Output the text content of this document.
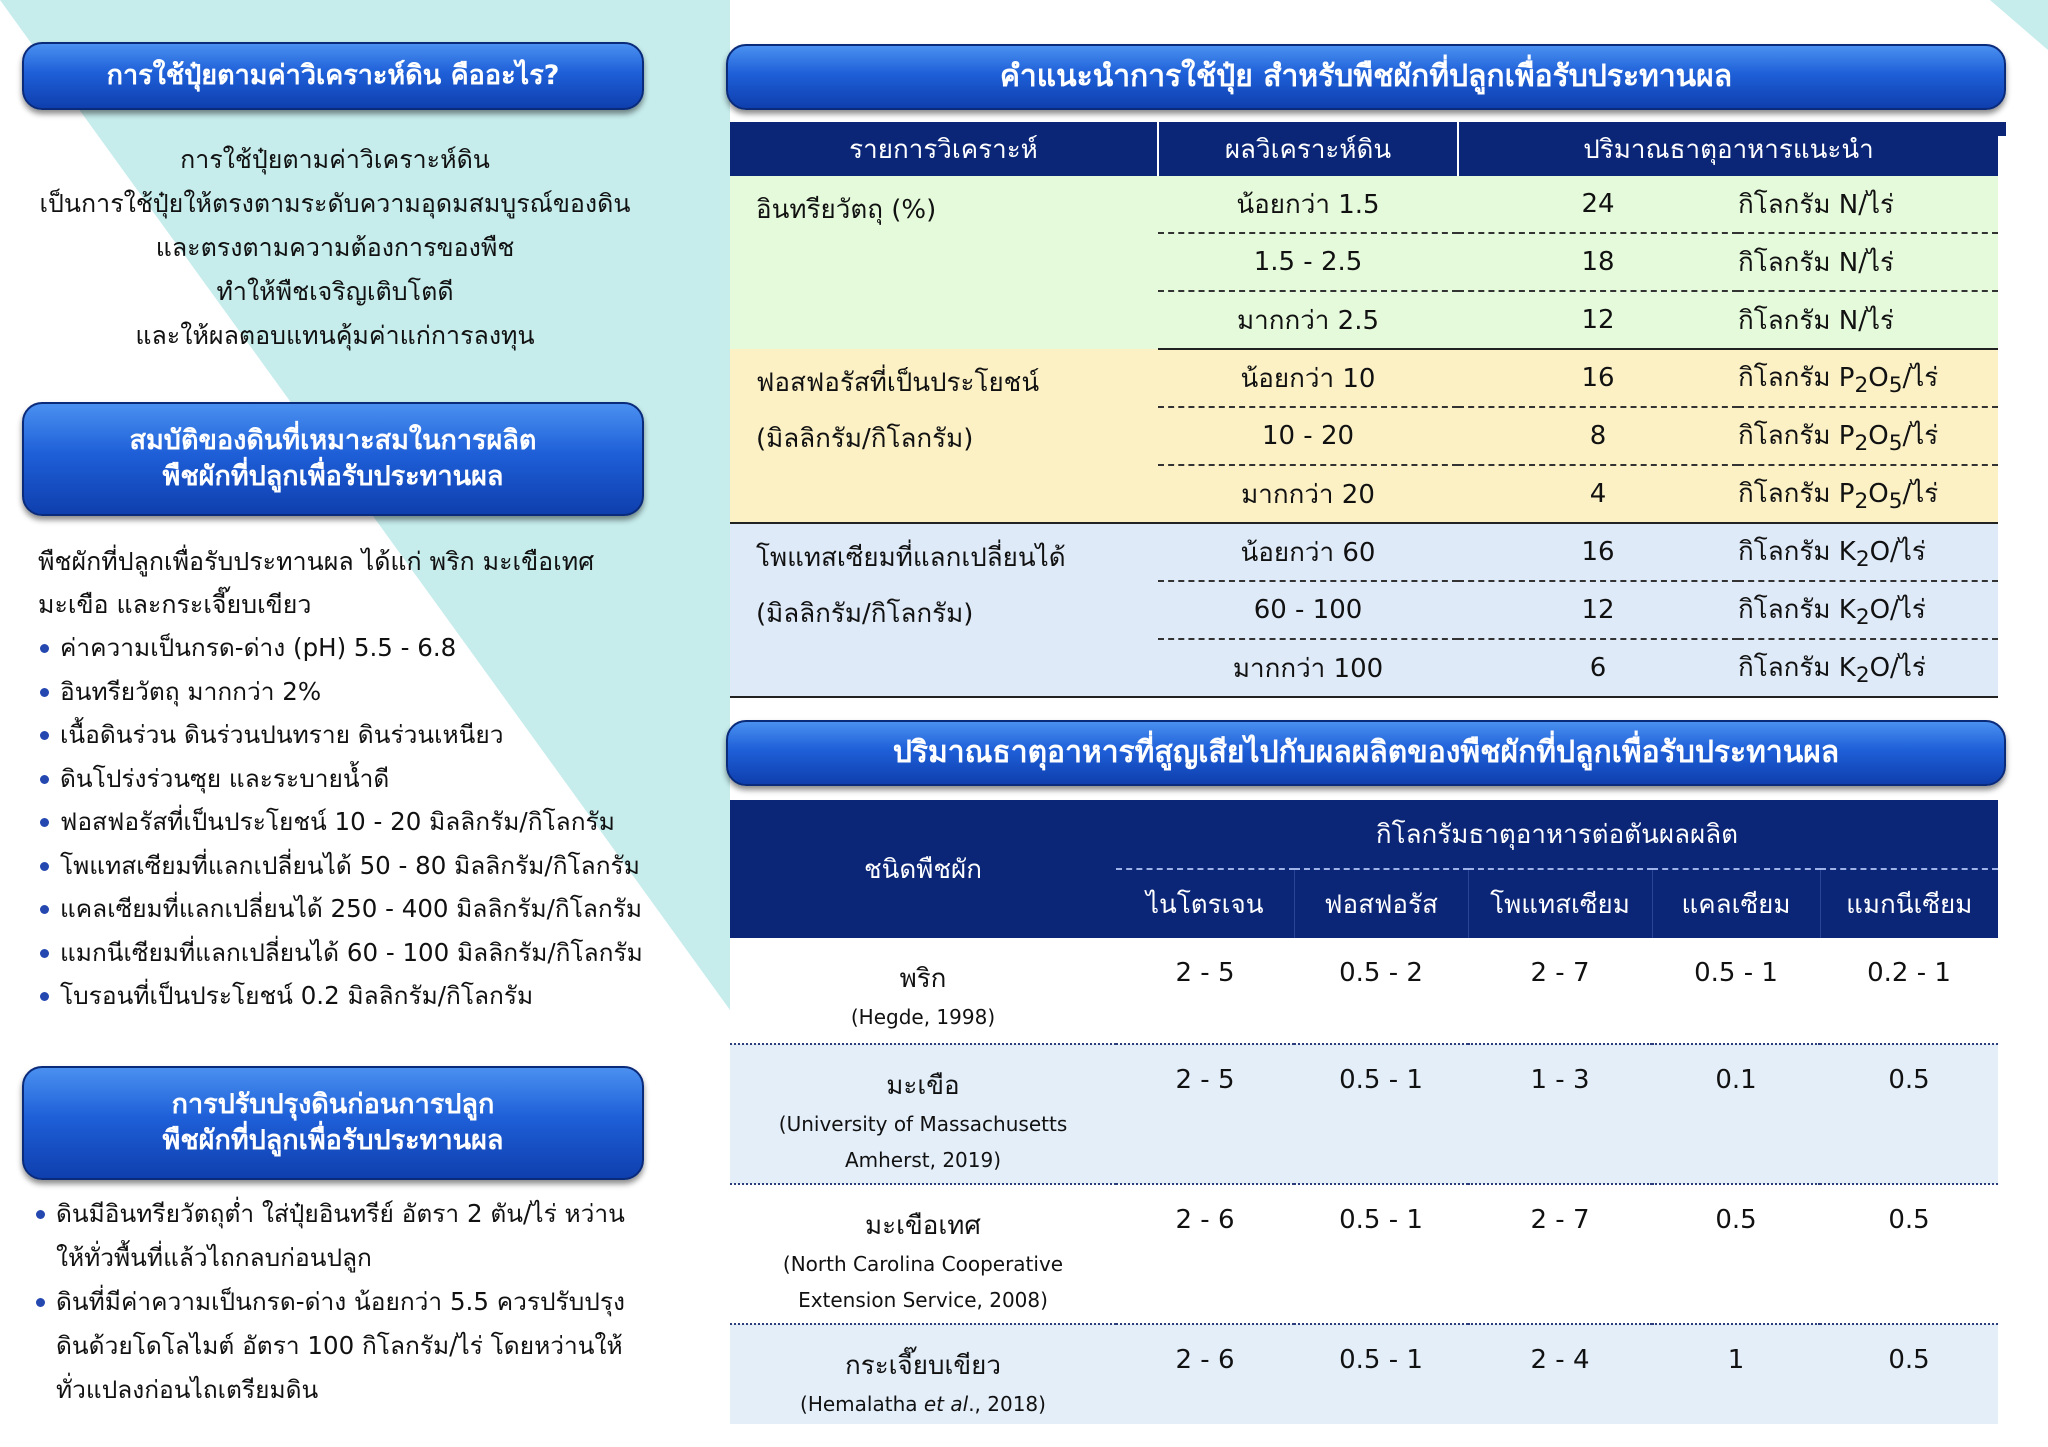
การใช้ปุ๋ยตามค่าวิเคราะห์ดิน คืออะไร?
การใช้ปุ๋ยตามค่าวิเคราะห์ดิน
เป็นการใช้ปุ๋ยให้ตรงตามระดับความอุดมสมบูรณ์ของดิน
และตรงตามความต้องการของพืช
ทำให้พืชเจริญเติบโตดี
และให้ผลตอบแทนคุ้มค่าแก่การลงทุน
สมบัติของดินที่เหมาะสมในการผลิต
พืชผักที่ปลูกเพื่อรับประทานผล
พืชผักที่ปลูกเพื่อรับประทานผล ได้แก่ พริก มะเขือเทศ มะเขือ และกระเจี๊ยบเขียว
ค่าความเป็นกรด-ด่าง (pH) 5.5 - 6.8
อินทรียวัตถุ มากกว่า 2%
เนื้อดินร่วน ดินร่วนปนทราย ดินร่วนเหนียว
ดินโปร่งร่วนซุย และระบายน้ำดี
ฟอสฟอรัสที่เป็นประโยชน์ 10 - 20 มิลลิกรัม/กิโลกรัม
โพแทสเซียมที่แลกเปลี่ยนได้ 50 - 80 มิลลิกรัม/กิโลกรัม
แคลเซียมที่แลกเปลี่ยนได้ 250 - 400 มิลลิกรัม/กิโลกรัม
แมกนีเซียมที่แลกเปลี่ยนได้ 60 - 100 มิลลิกรัม/กิโลกรัม
โบรอนที่เป็นประโยชน์ 0.2 มิลลิกรัม/กิโลกรัม
การปรับปรุงดินก่อนการปลูก
พืชผักที่ปลูกเพื่อรับประทานผล
ดินมีอินทรียวัตถุต่ำ ใส่ปุ๋ยอินทรีย์ อัตรา 2 ตัน/ไร่ หว่านให้ทั่วพื้นที่แล้วไถกลบก่อนปลูก
ดินที่มีค่าความเป็นกรด-ด่าง น้อยกว่า 5.5 ควรปรับปรุงดินด้วยโดโลไมต์ อัตรา 100 กิโลกรัม/ไร่ โดยหว่านให้ทั่วแปลงก่อนไถเตรียมดิน
คำแนะนำการใช้ปุ๋ย สำหรับพืชผักที่ปลูกเพื่อรับประทานผล
รายการวิเคราะห์	ผลวิเคราะห์ดิน	ปริมาณธาตุอาหารแนะนำ	
อินทรียวัตถุ (%)	น้อยกว่า 1.5	24	กิโลกรัม N/ไร่
	1.5 - 2.5	18	กิโลกรัม N/ไร่
	มากกว่า 2.5	12	กิโลกรัม N/ไร่
ฟอสฟอรัสที่เป็นประโยชน์
(มิลลิกรัม/กิโลกรัม)	น้อยกว่า 10	16	กิโลกรัม $P_2O_5/$ไร่
	10 - 20	8	กิโลกรัม $P_2O_5/$ไร่
	มากกว่า 20	4	กิโลกรัม $P_2O_5/$ไร่
โพแทสเซียมที่แลกเปลี่ยนได้
(มิลลิกรัม/กิโลกรัม)	น้อยกว่า 60	16	กิโลกรัม $K_2O/$ไร่
	60 - 100	12	กิโลกรัม $K_2O/$ไร่
	มากกว่า 100	6	กิโลกรัม $K_2O/$ไร่
ปริมาณธาตุอาหารที่สูญเสียไปกับผลผลิตของพืชผักที่ปลูกเพื่อรับประทานผล
ชนิดพืชผัก	กิโลกรัมธาตุอาหารต่อตันผลผลิต				
	ไนโตรเจน	ฟอสฟอรัส	โพแทสเซียม	แคลเซียม	แมกนีเซียม

พริก
(Hegde, 1998)	2 - 5	0.5 - 2	2 - 7	0.5 - 1	0.2 - 1

มะเขือ
(University of Massachusetts
Amherst, 2019)	2 - 5	0.5 - 1	1 - 3	0.1	0.5

มะเขือเทศ
(North Carolina Cooperative
Extension Service, 2008)	2 - 6	0.5 - 1	2 - 7	0.5	0.5

กระเจี๊ยบเขียว
(Hemalatha et al., 2018)	2 - 6	0.5 - 1	2 - 4	1	0.5
